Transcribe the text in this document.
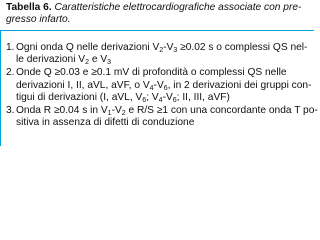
Tabella 6. Caratteristiche elettrocardiografiche associate con pre-
gresso infarto.
1. Ogni onda Q nelle derivazioni $V_2-V_3 \ge 0.02$ s o complessi QS nel-
le derivazioni $V_2$ e $V_3$
2. Onde Q ≥0.03 e ≥0.1 mV di profondità o complessi QS nelle
derivazioni I, II, aVL, aVF, o $V_4-V_6$, in 2 derivazioni dei gruppi con-
tigui di derivazioni (I, aVL, $V_6$; $V_4-V_6$; II, III, aVF)
3. Onda R ≥0.04 s in $V_1-V_2$ e R/S ≥1 con una concordante onda T po-
sitiva in assenza di difetti di conduzione
